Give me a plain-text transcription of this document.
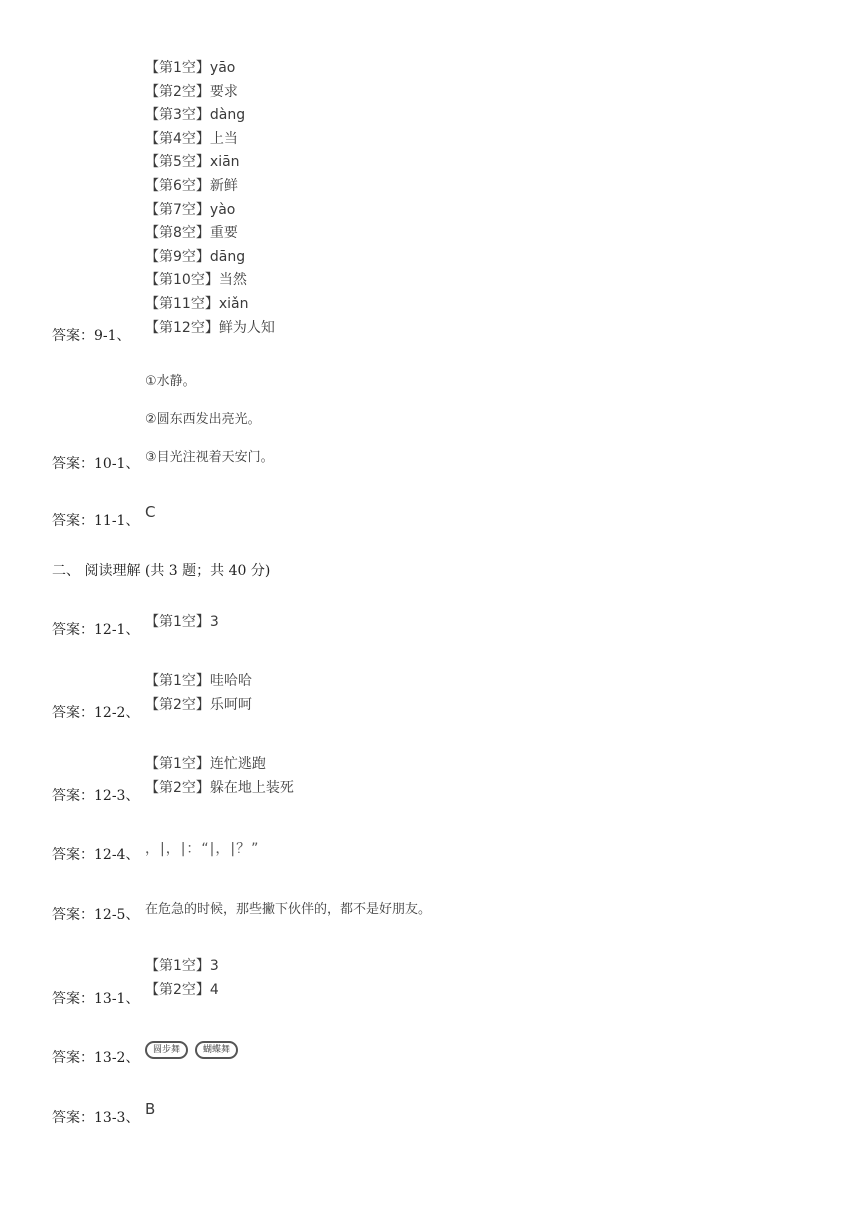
【第1空】yāo
【第2空】要求
【第3空】dàng
【第4空】上当
【第5空】xiān
【第6空】新鲜
【第7空】yào
【第8空】重要
【第9空】dāng
【第10空】当然
【第11空】xiǎn
【第12空】鲜为人知
答案：9-1、
①水静。
②圆东西发出亮光。
③目光注视着天安门。
答案：10-1、
答案：11-1、 C
二、 阅读理解 (共 3 题；共 40 分)
答案：12-1、 【第1空】3
【第1空】哇哈哈
【第2空】乐呵呵
答案：12-2、
【第1空】连忙逃跑
【第2空】躲在地上装死
答案：12-3、
答案：12-4、 ，|，|：“|，|？”
答案：12-5、 在危急的时候，那些撇下伙伴的，都不是好朋友。
【第1空】3
【第2空】4
答案：13-1、
答案：13-2、	圆步舞	蝴蝶舞
答案：13-3、 B
